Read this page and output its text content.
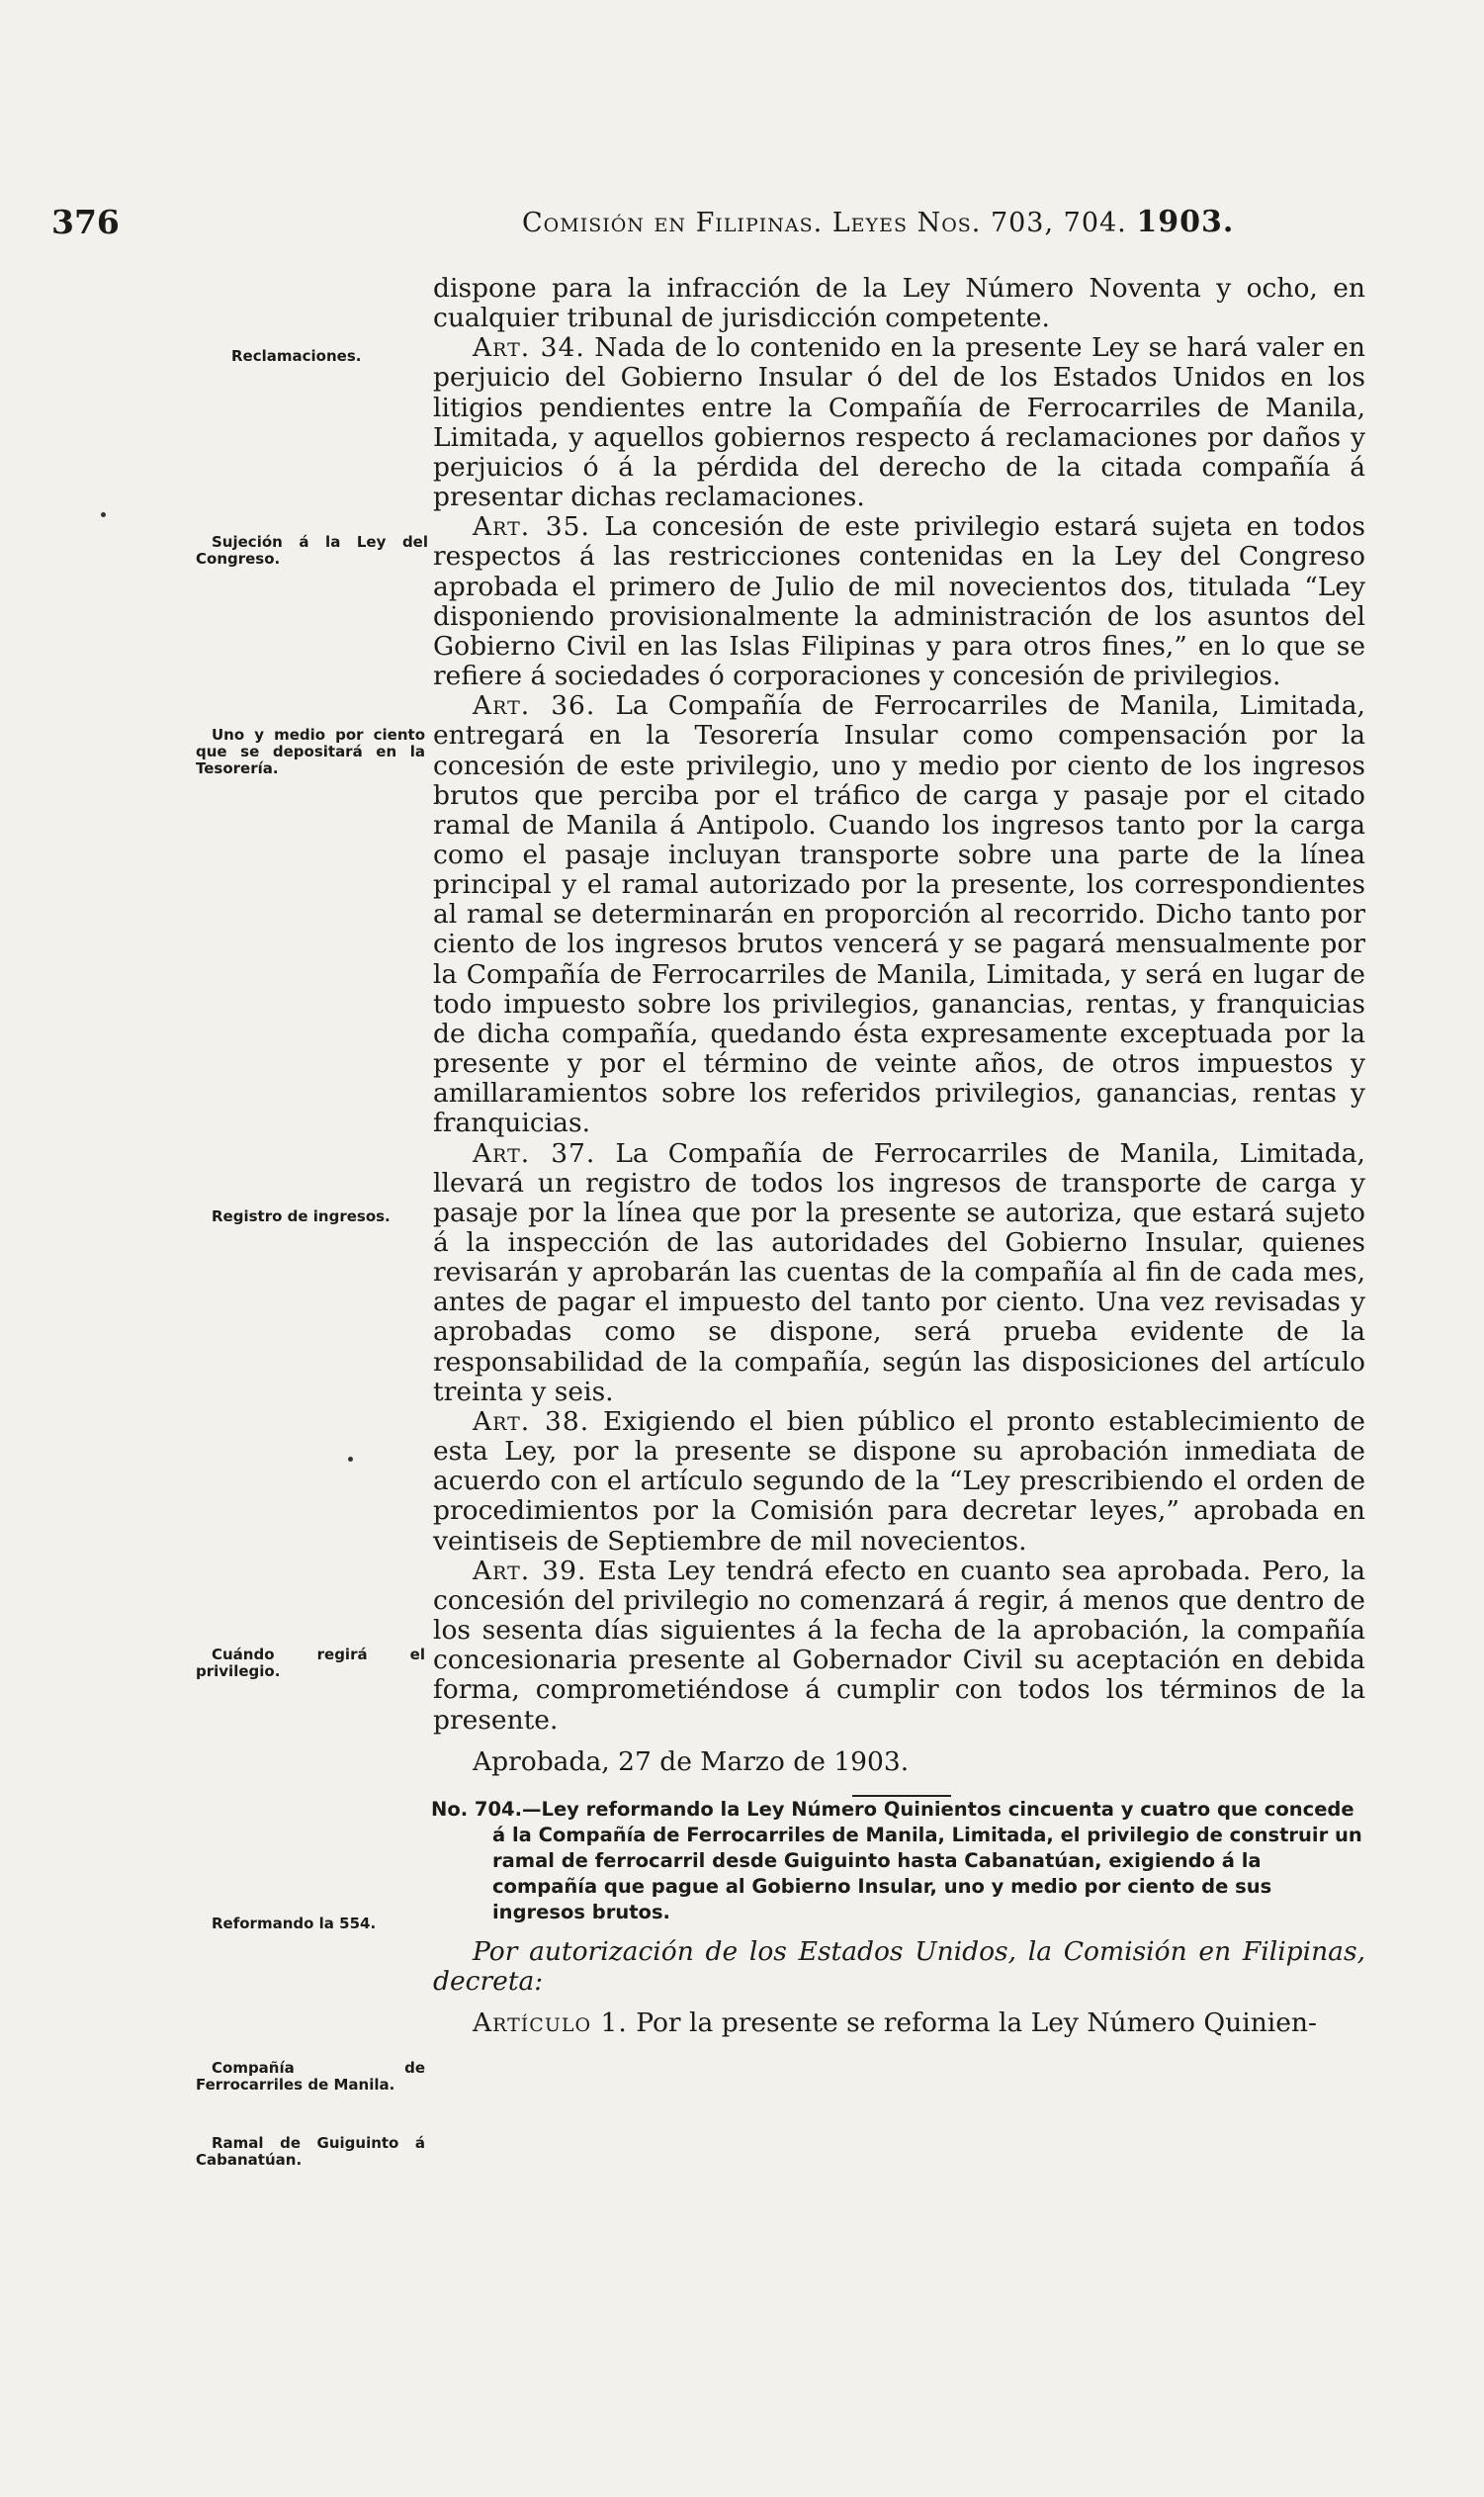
376	Comisión en Filipinas. Leyes Nos. 703, 704. 1903.
Reclamaciones.
Sujeción á la Ley del Congreso.
Uno y medio por ciento que se depositará en la Tesorería.
Registro de ingresos.
Cuándo regirá el privilegio.
Reformando la 554.
Compañía de Ferrocarriles de Manila.
Ramal de Guiguinto á Cabanatúan.

dispone para la infracción de la Ley Número Noventa y ocho, en cualquier tribunal de jurisdicción competente.

Art. 34. Nada de lo contenido en la presente Ley se hará valer en perjuicio del Gobierno Insular ó del de los Estados Unidos en los litigios pendientes entre la Compañía de Ferrocarriles de Manila, Limitada, y aquellos gobiernos respecto á reclamaciones por daños y perjuicios ó á la pérdida del derecho de la citada compañía á presentar dichas reclamaciones.

Art. 35. La concesión de este privilegio estará sujeta en todos respectos á las restricciones contenidas en la Ley del Congreso aprobada el primero de Julio de mil novecientos dos, titulada “Ley disponiendo provisionalmente la administración de los asuntos del Gobierno Civil en las Islas Filipinas y para otros fines,” en lo que se refiere á sociedades ó corporaciones y concesión de privilegios.

Art. 36. La Compañía de Ferrocarriles de Manila, Limitada, entregará en la Tesorería Insular como compensación por la concesión de este privilegio, uno y medio por ciento de los ingresos brutos que perciba por el tráfico de carga y pasaje por el citado ramal de Manila á Antipolo. Cuando los ingresos tanto por la carga como el pasaje incluyan transporte sobre una parte de la línea principal y el ramal autorizado por la presente, los correspondientes al ramal se determinarán en proporción al recorrido. Dicho tanto por ciento de los ingresos brutos vencerá y se pagará mensualmente por la Compañía de Ferrocarriles de Manila, Limitada, y será en lugar de todo impuesto sobre los privilegios, ganancias, rentas, y franquicias de dicha compañía, quedando ésta expresamente exceptuada por la presente y por el término de veinte años, de otros impuestos y amillaramientos sobre los referidos privilegios, ganancias, rentas y franquicias.

Art. 37. La Compañía de Ferrocarriles de Manila, Limitada, llevará un registro de todos los ingresos de transporte de carga y pasaje por la línea que por la presente se autoriza, que estará sujeto á la inspección de las autoridades del Gobierno Insular, quienes revisarán y aprobarán las cuentas de la compañía al fin de cada mes, antes de pagar el impuesto del tanto por ciento. Una vez revisadas y aprobadas como se dispone, será prueba evidente de la responsabilidad de la compañía, según las disposiciones del artículo treinta y seis.

Art. 38. Exigiendo el bien público el pronto establecimiento de esta Ley, por la presente se dispone su aprobación inmediata de acuerdo con el artículo segundo de la “Ley prescribiendo el orden de procedimientos por la Comisión para decretar leyes,” aprobada en veintiseis de Septiembre de mil novecientos.

Art. 39. Esta Ley tendrá efecto en cuanto sea aprobada. Pero, la concesión del privilegio no comenzará á regir, á menos que dentro de los sesenta días siguientes á la fecha de la aprobación, la compañía concesionaria presente al Gobernador Civil su aceptación en debida forma, comprometiéndose á cumplir con todos los términos de la presente.

Aprobada, 27 de Marzo de 1903.

No. 704.—Ley reformando la Ley Número Quinientos cincuenta y cuatro que concede á la Compañía de Ferrocarriles de Manila, Limitada, el privilegio de construir un ramal de ferrocarril desde Guiguinto hasta Cabanatúan, exigiendo á la compañía que pague al Gobierno Insular, uno y medio por ciento de sus ingresos brutos.

Por autorización de los Estados Unidos, la Comisión en Filipinas, decreta:

Artículo 1. Por la presente se reforma la Ley Número Quinien-
